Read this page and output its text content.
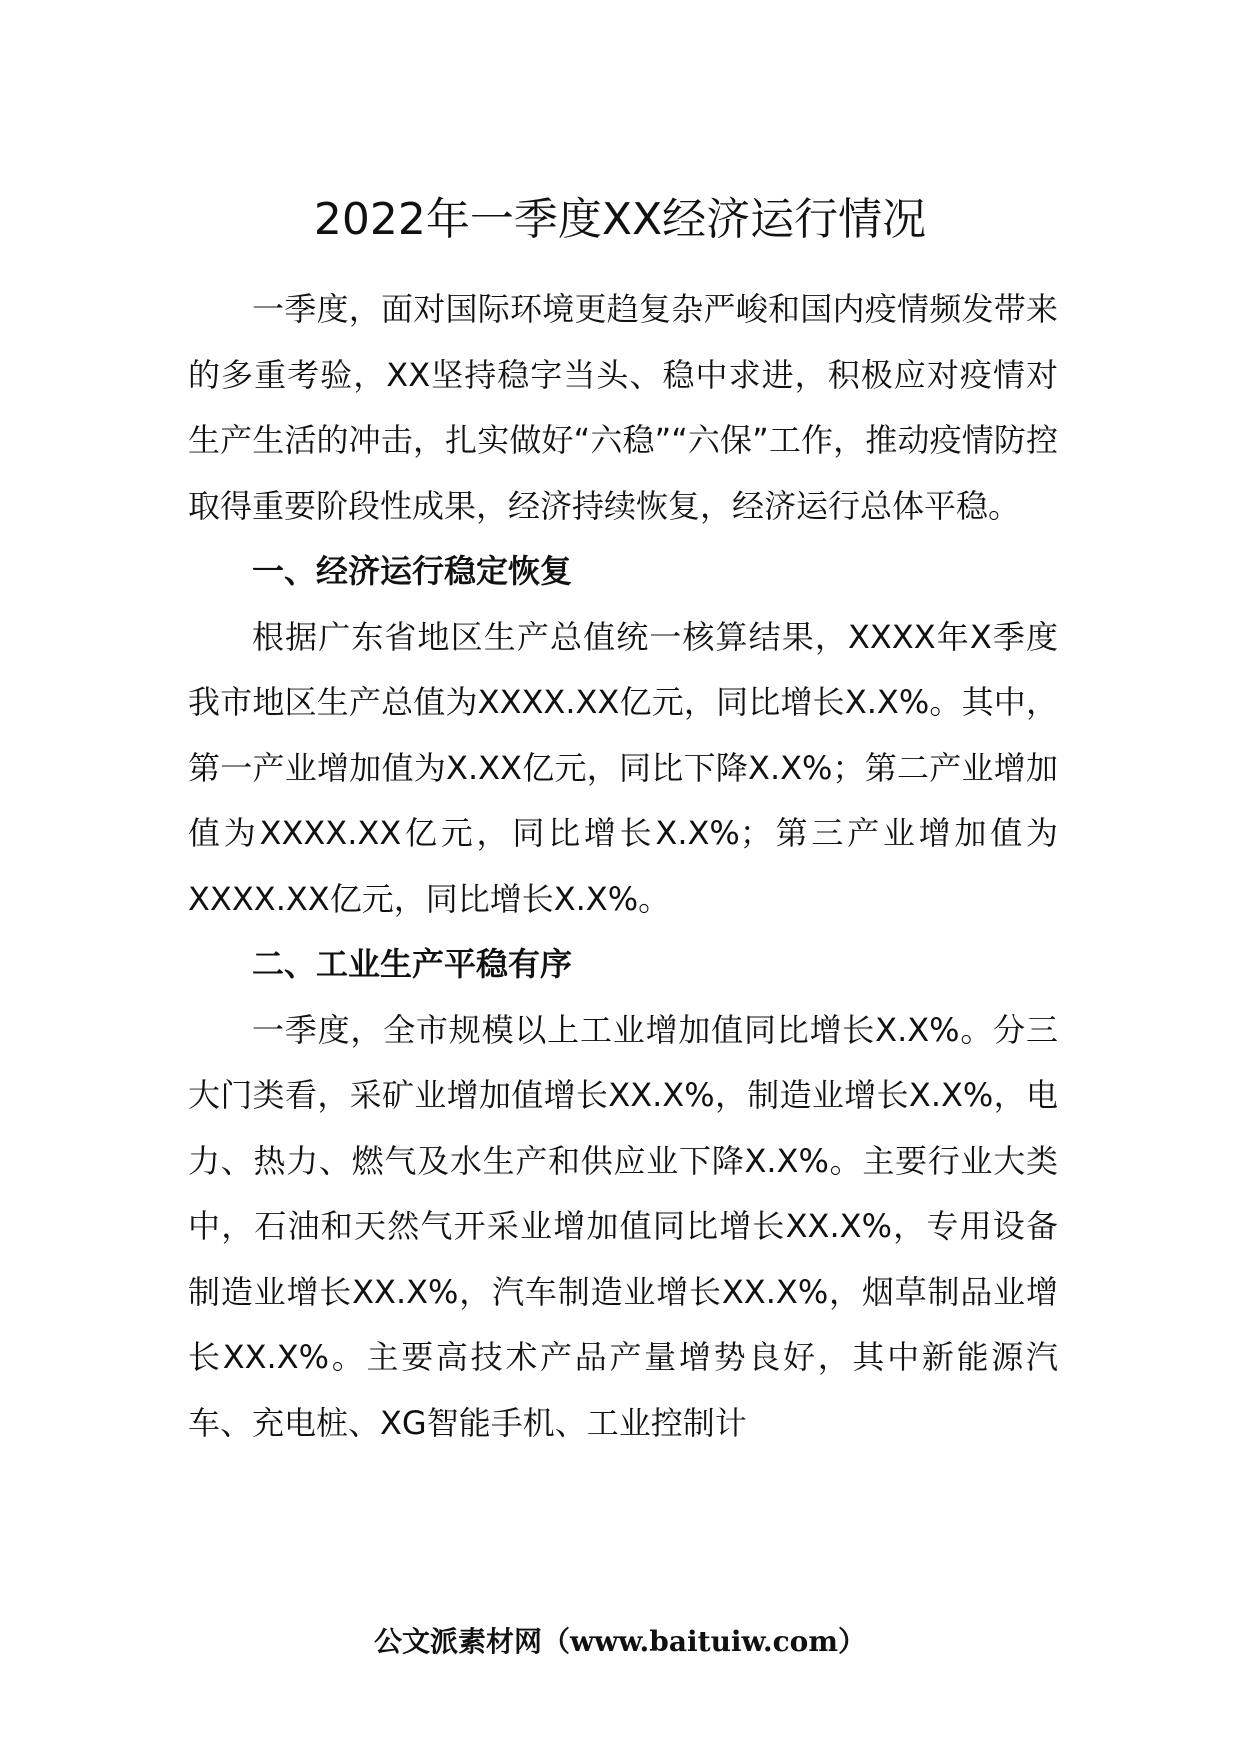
2022年一季度XX经济运行情况

一季度，面对国际环境更趋复杂严峻和国内疫情频发带来的多重考验，XX坚持稳字当头、稳中求进，积极应对疫情对生产生活的冲击，扎实做好“六稳”“六保”工作，推动疫情防控取得重要阶段性成果，经济持续恢复，经济运行总体平稳。

一、经济运行稳定恢复

根据广东省地区生产总值统一核算结果，XXXX年X季度我市地区生产总值为XXXX.XX亿元，同比增长X.X%。其中，第一产业增加值为X.XX亿元，同比下降X.X%；第二产业增加值为XXXX.XX亿元，同比增长X.X%；第三产业增加值为XXXX.XX亿元，同比增长X.X%。

二、工业生产平稳有序

一季度，全市规模以上工业增加值同比增长X.X%。分三大门类看，采矿业增加值增长XX.X%，制造业增长X.X%，电力、热力、燃气及水生产和供应业下降X.X%。主要行业大类中，石油和天然气开采业增加值同比增长XX.X%，专用设备制造业增长XX.X%，汽车制造业增长XX.X%，烟草制品业增长XX.X%。主要高技术产品产量增势良好，其中新能源汽车、充电桩、XG智能手机、工业控制计

公文派素材网（www.baituiw.com）
